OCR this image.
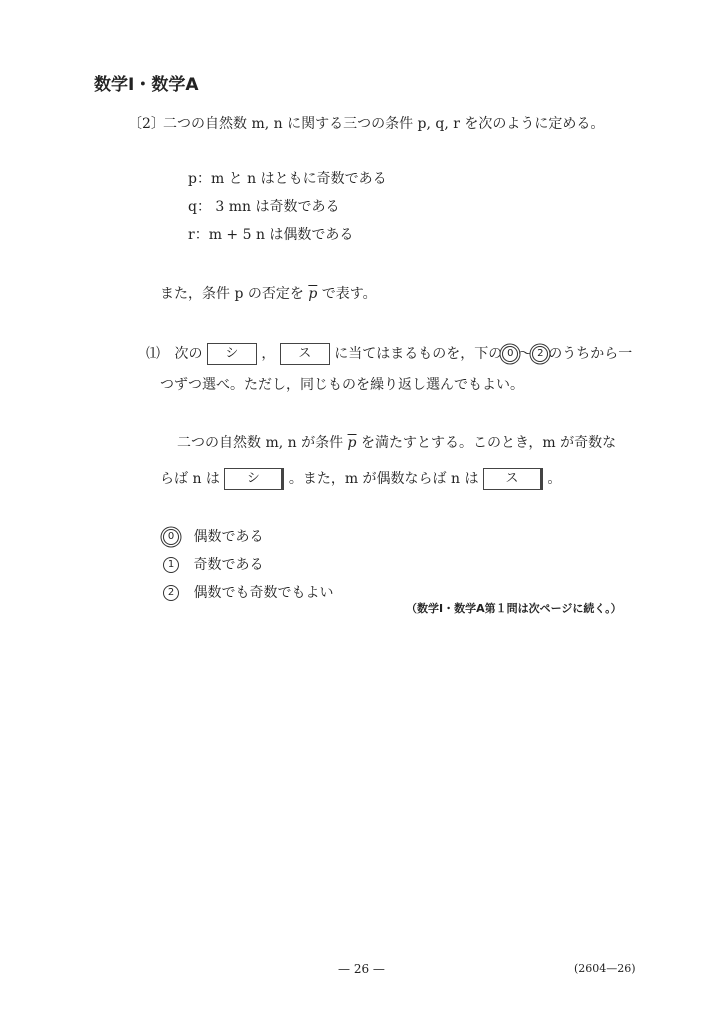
数学Ⅰ・数学A
〔2〕
二つの自然数 m, n に関する三つの条件 p, q, r を次のように定める。
p：m と n はともに奇数である
q： 3 mn は奇数である
r：m + 5 n は偶数である
また，条件 p の否定を $\overline{p}$ で表す。
⑴ 次の シ ， ス に当てはまるものを，下の 0 ～ 2 のうちから一
つずつ選べ。ただし，同じものを繰り返し選んでもよい。
二つの自然数 m, n が条件 $\overline{p}$ を満たすとする。このとき，m が奇数な
らば n は シ 。また，m が偶数ならば n は ス 。
0 偶数である
1 奇数である
2 偶数でも奇数でもよい
（数学Ⅰ・数学A第１問は次ページに続く。）
— 26 —	(2604—26)
